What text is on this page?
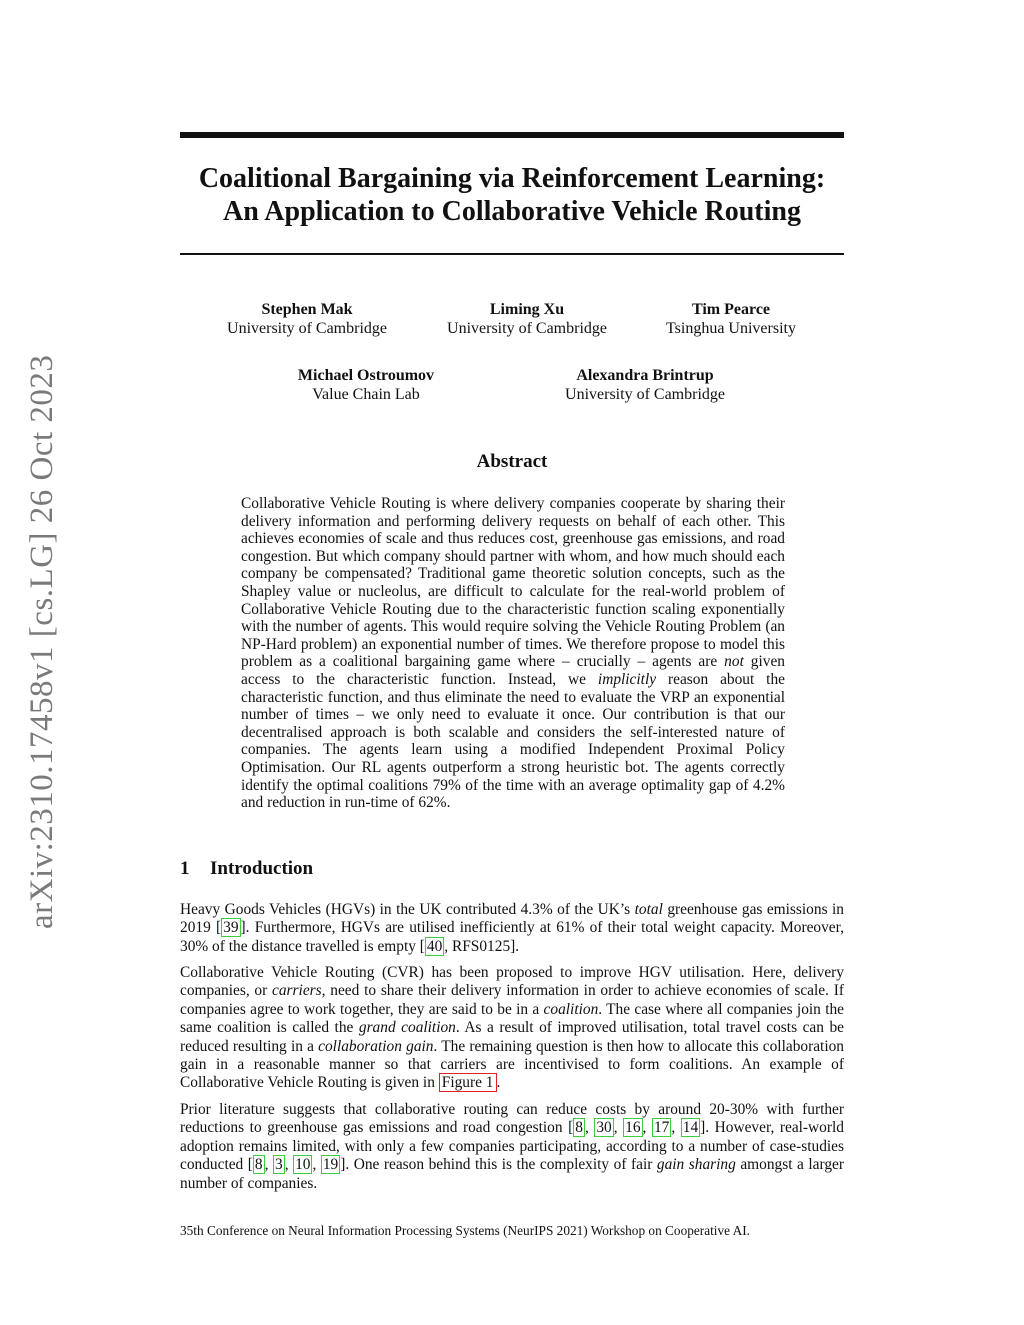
arXiv:2310.17458v1 [cs.LG] 26 Oct 2023
Coalitional Bargaining via Reinforcement Learning:
An Application to Collaborative Vehicle Routing
Stephen Mak
University of Cambridge
Liming Xu
University of Cambridge
Tim Pearce
Tsinghua University
Michael Ostroumov
Value Chain Lab
Alexandra Brintrup
University of Cambridge
Abstract

Collaborative Vehicle Routing is where delivery companies cooperate by sharing their delivery information and performing delivery requests on behalf of each other. This achieves economies of scale and thus reduces cost, greenhouse gas emissions, and road congestion. But which company should partner with whom, and how much should each company be compensated? Traditional game theoretic solution concepts, such as the Shapley value or nucleolus, are difficult to calculate for the real-world problem of Collaborative Vehicle Routing due to the characteristic function scaling exponentially with the number of agents. This would require solving the Vehicle Routing Problem (an NP-Hard problem) an exponential number of times. We therefore propose to model this problem as a coalitional bargaining game where – crucially – agents are not given access to the characteristic function. Instead, we implicitly reason about the characteristic function, and thus eliminate the need to evaluate the VRP an exponential number of times – we only need to evaluate it once. Our contribution is that our decentralised approach is both scalable and considers the self-interested nature of companies. The agents learn using a modified Independent Proximal Policy Optimisation. Our RL agents outperform a strong heuristic bot. The agents correctly identify the optimal coalitions 79% of the time with an average optimality gap of 4.2% and reduction in run-time of 62%.

1 Introduction

Heavy Goods Vehicles (HGVs) in the UK contributed 4.3% of the UK’s total greenhouse gas emissions in 2019 [ 39 ]. Furthermore, HGVs are utilised inefficiently at 61% of their total weight capacity. Moreover, 30% of the distance travelled is empty [ 40 , RFS0125].

Collaborative Vehicle Routing (CVR) has been proposed to improve HGV utilisation. Here, delivery companies, or carriers, need to share their delivery information in order to achieve economies of scale. If companies agree to work together, they are said to be in a coalition. The case where all companies join the same coalition is called the grand coalition. As a result of improved utilisation, total travel costs can be reduced resulting in a collaboration gain. The remaining question is then how to allocate this collaboration gain in a reasonable manner so that carriers are incentivised to form coalitions. An example of Collaborative Vehicle Routing is given in Figure 1 .

Prior literature suggests that collaborative routing can reduce costs by around 20-30% with further reductions to greenhouse gas emissions and road congestion [ 8 , 30 , 16 , 17 , 14 ]. However, real-world adoption remains limited, with only a few companies participating, according to a number of case-studies conducted [ 8 , 3 , 10 , 19 ]. One reason behind this is the complexity of fair gain sharing amongst a larger number of companies.

35th Conference on Neural Information Processing Systems (NeurIPS 2021) Workshop on Cooperative AI.
